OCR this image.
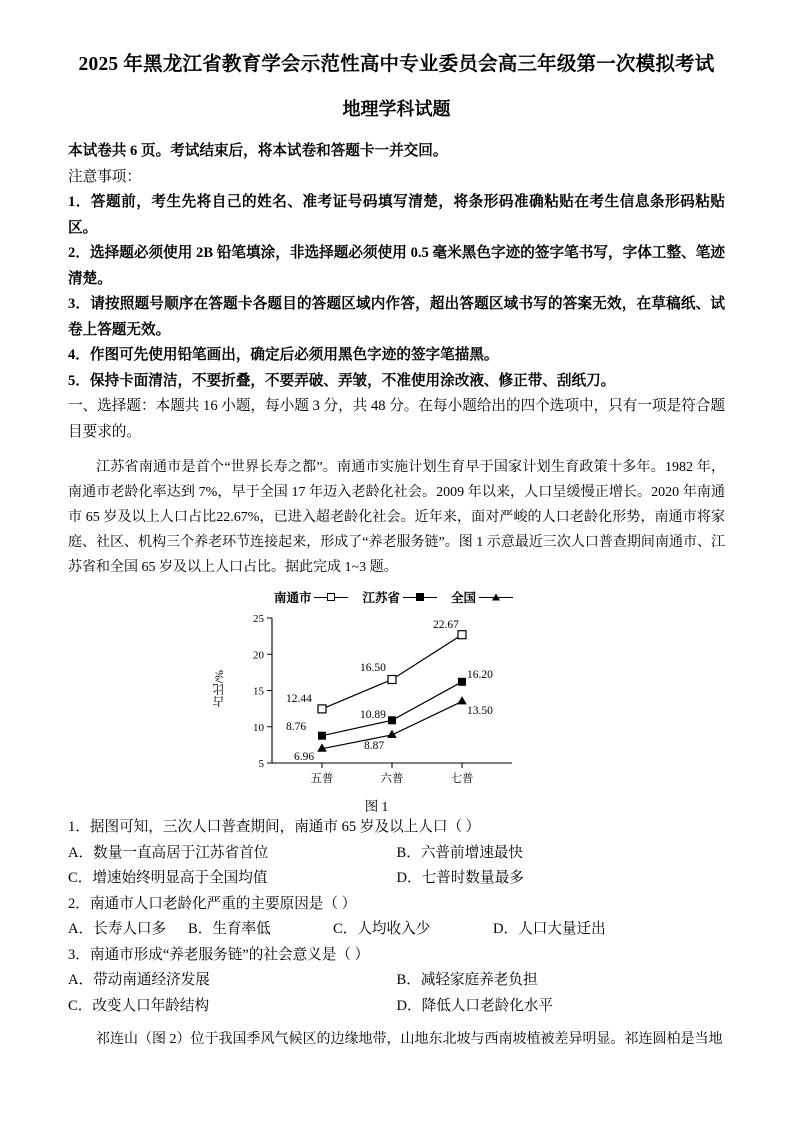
2025 年黑龙江省教育学会示范性高中专业委员会高三年级第一次模拟考试
地理学科试题

本试卷共 6 页。考试结束后，将本试卷和答题卡一并交回。

注意事项：

1．答题前，考生先将自己的姓名、准考证号码填写清楚，将条形码准确粘贴在考生信息条形码粘贴区。

2．选择题必须使用 2B 铅笔填涂，非选择题必须使用 0.5 毫米黑色字迹的签字笔书写，字体工整、笔迹清楚。

3．请按照题号顺序在答题卡各题目的答题区域内作答，超出答题区域书写的答案无效，在草稿纸、试卷上答题无效。

4．作图可先使用铅笔画出，确定后必须用黑色字迹的签字笔描黑。

5．保持卡面清洁，不要折叠，不要弄破、弄皱，不准使用涂改液、修正带、刮纸刀。

一、选择题：本题共 16 小题，每小题 3 分，共 48 分。在每小题给出的四个选项中，只有一项是符合题目要求的。

江苏省南通市是首个“世界长寿之都”。南通市实施计划生育早于国家计划生育政策十多年。1982 年，南通市老龄化率达到 7%，早于全国 17 年迈入老龄化社会。2009 年以来，人口呈缓慢正增长。2020 年南通市 65 岁及以上人口占比22.67%，已进入超老龄化社会。近年来，面对严峻的人口老龄化形势，南通市将家庭、社区、机构三个养老环节连接起来，形成了“养老服务链”。图 1 示意最近三次人口普查期间南通市、江苏省和全国 65 岁及以上人口占比。据此完成 1~3 题。

南通市	江苏省	全国
占比/%
5
10
15
20
25
五普	六普	七普
12.44
16.50
22.67
8.76
10.89
16.20
6.96
8.87
13.50
图 1

1．据图可知，三次人口普查期间，南通市 65 岁及以上人口（ ）

A．数量一直高居于江苏省首位	B．六普前增速最快
C．增速始终明显高于全国均值	D．七普时数量最多

2．南通市人口老龄化严重的主要原因是（ ）

A．长寿人口多	B．生育率低	C．人均收入少	D．人口大量迁出

3．南通市形成“养老服务链”的社会意义是（ ）

A．带动南通经济发展	B．减轻家庭养老负担
C．改变人口年龄结构	D．降低人口老龄化水平

祁连山（图 2）位于我国季风气候区的边缘地带，山地东北坡与西南坡植被差异明显。祁连圆柏是当地
